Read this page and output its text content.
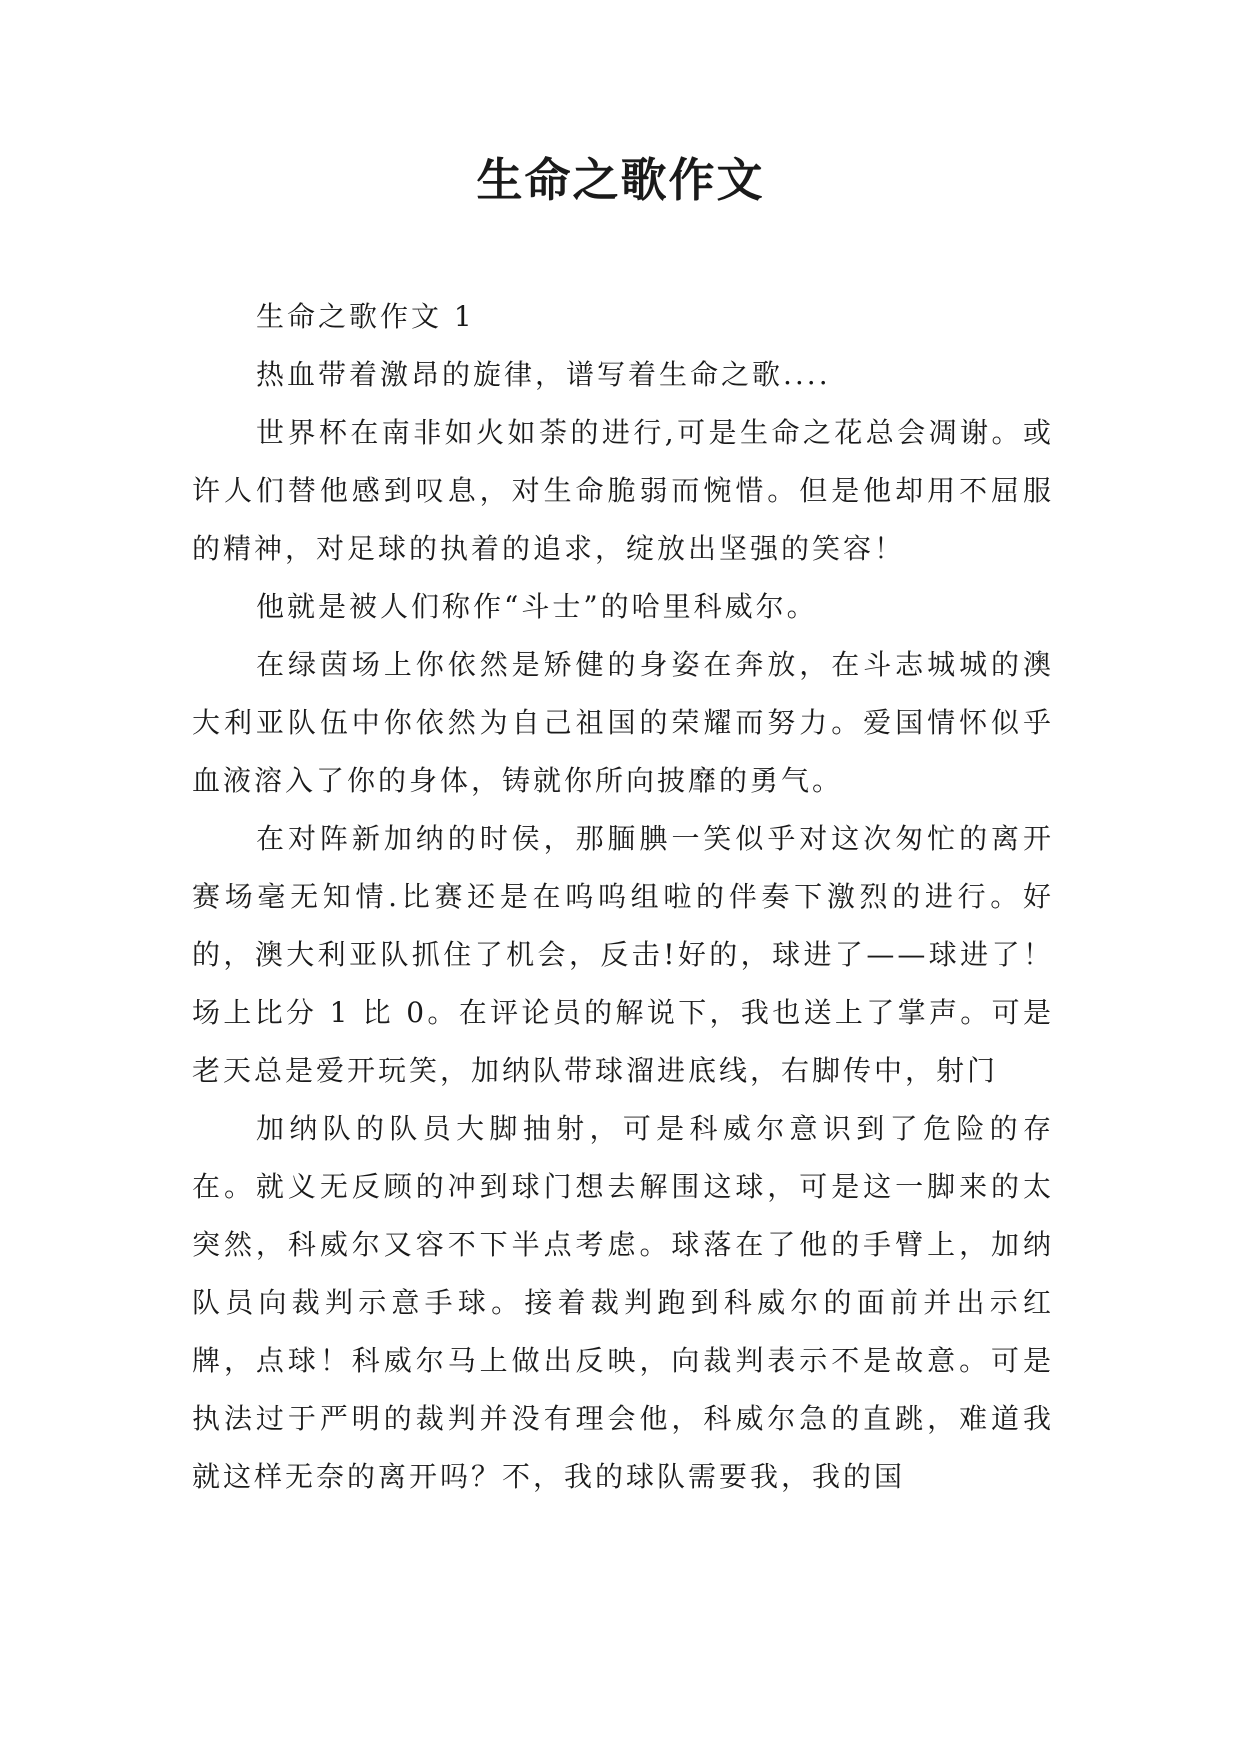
生命之歌作文

生命之歌作文 1

热血带着激昂的旋律，谱写着生命之歌....

世界杯在南非如火如荼的进行,可是生命之花总会凋谢。或许人们替他感到叹息，对生命脆弱而惋惜。但是他却用不屈服的精神，对足球的执着的追求，绽放出坚强的笑容！

他就是被人们称作“斗士”的哈里科威尔。

在绿茵场上你依然是矫健的身姿在奔放，在斗志城城的澳大利亚队伍中你依然为自己祖国的荣耀而努力。爱国情怀似乎血液溶入了你的身体，铸就你所向披靡的勇气。

在对阵新加纳的时侯，那腼腆一笑似乎对这次匆忙的离开赛场毫无知情.比赛还是在呜呜组啦的伴奏下激烈的进行。好的，澳大利亚队抓住了机会，反击!好的，球进了——球进了！场上比分 1 比 0。在评论员的解说下，我也送上了掌声。可是老天总是爱开玩笑，加纳队带球溜进底线，右脚传中，射门

加纳队的队员大脚抽射，可是科威尔意识到了危险的存在。就义无反顾的冲到球门想去解围这球，可是这一脚来的太突然，科威尔又容不下半点考虑。球落在了他的手臂上，加纳队员向裁判示意手球。接着裁判跑到科威尔的面前并出示红牌，点球！科威尔马上做出反映，向裁判表示不是故意。可是执法过于严明的裁判并没有理会他，科威尔急的直跳，难道我就这样无奈的离开吗？不，我的球队需要我，我的国
